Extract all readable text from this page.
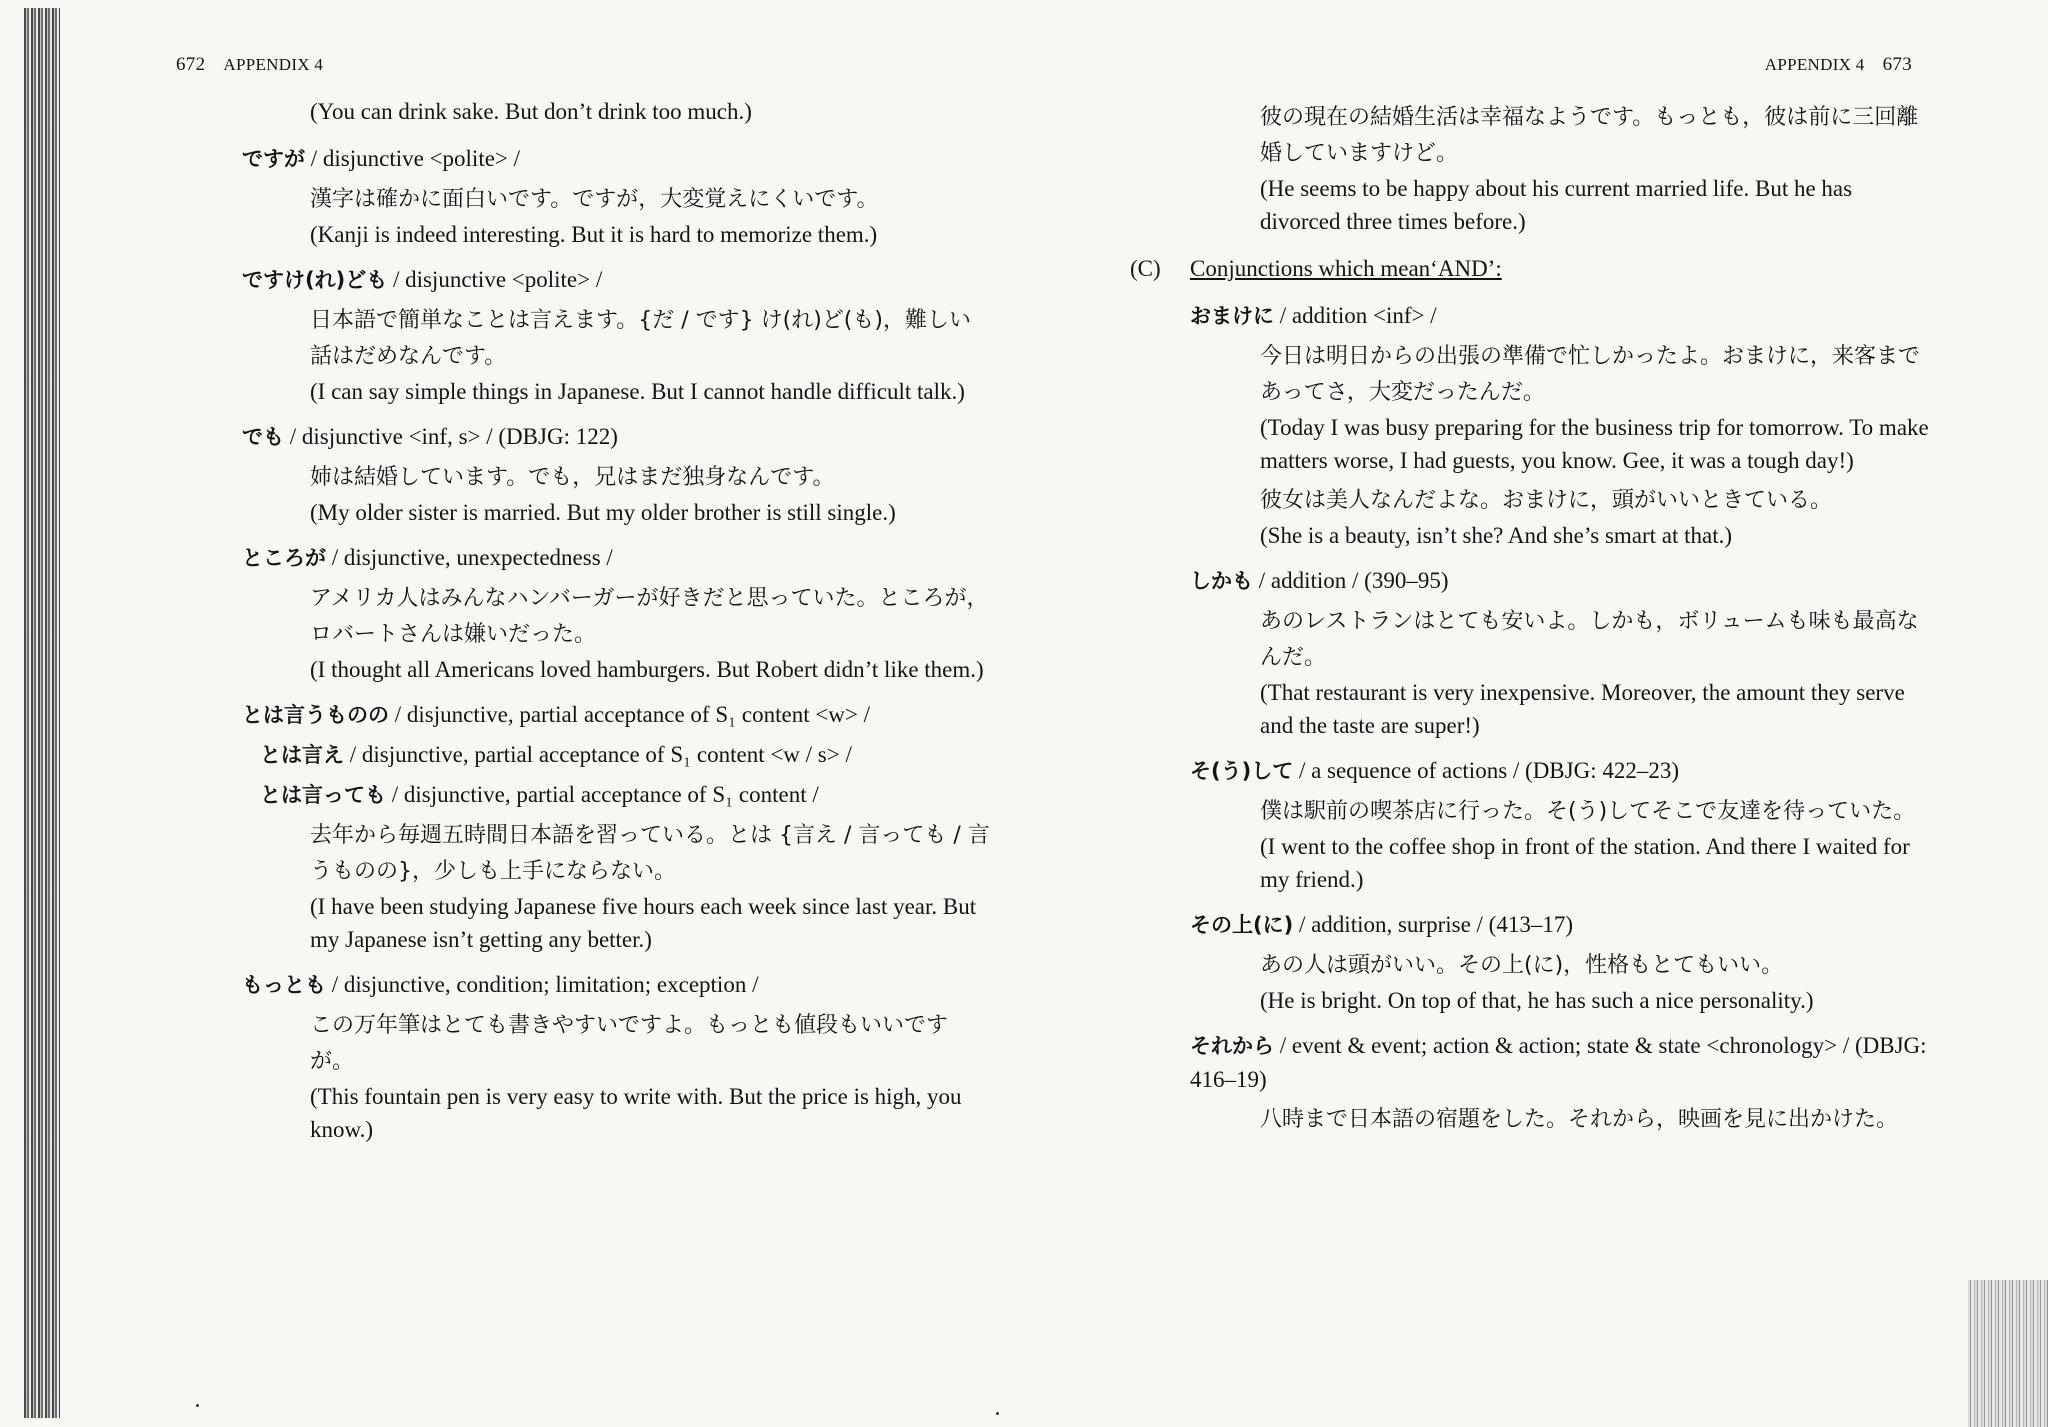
672 APPENDIX 4
(You can drink sake. But don’t drink too much.)
ですが / disjunctive <polite> /
漢字は確かに面白いです。ですが，大変覚えにくいです。
(Kanji is indeed interesting. But it is hard to memorize them.)
ですけ(れ)ども / disjunctive <polite> /
日本語で簡単なことは言えます。{だ / です} け(れ)ど(も)，難しい話はだめなんです。
(I can say simple things in Japanese. But I cannot handle difficult talk.)
でも / disjunctive <inf, s> / (DBJG: 122)
姉は結婚しています。でも，兄はまだ独身なんです。
(My older sister is married. But my older brother is still single.)
ところが / disjunctive, unexpectedness /
アメリカ人はみんなハンバーガーが好きだと思っていた。ところが，ロバートさんは嫌いだった。
(I thought all Americans loved hamburgers. But Robert didn’t like them.)
とは言うものの / disjunctive, partial acceptance of S₁ content <w> /
とは言え / disjunctive, partial acceptance of S₁ content <w / s> /
とは言っても / disjunctive, partial acceptance of S₁ content /
去年から毎週五時間日本語を習っている。とは {言え / 言っても / 言うものの}，少しも上手にならない。
(I have been studying Japanese five hours each week since last year. But my Japanese isn’t getting any better.)
もっとも / disjunctive, condition; limitation; exception /
この万年筆はとても書きやすいですよ。もっとも値段もいいですが。
(This fountain pen is very easy to write with. But the price is high, you know.)
APPENDIX 4 673
彼の現在の結婚生活は幸福なようです。もっとも，彼は前に三回離婚していますけど。
(He seems to be happy about his current married life. But he has divorced three times before.)
(C) Conjunctions which mean‘AND’:
おまけに / addition <inf> /
今日は明日からの出張の準備で忙しかったよ。おまけに，来客まであってさ，大変だったんだ。
(Today I was busy preparing for the business trip for tomorrow. To make matters worse, I had guests, you know. Gee, it was a tough day!)
彼女は美人なんだよな。おまけに，頭がいいときている。
(She is a beauty, isn’t she? And she’s smart at that.)
しかも / addition / (390–95)
あのレストランはとても安いよ。しかも，ボリュームも味も最高なんだ。
(That restaurant is very inexpensive. Moreover, the amount they serve and the taste are super!)
そ(う)して / a sequence of actions / (DBJG: 422–23)
僕は駅前の喫茶店に行った。そ(う)してそこで友達を待っていた。
(I went to the coffee shop in front of the station. And there I waited for my friend.)
その上(に) / addition, surprise / (413–17)
あの人は頭がいい。その上(に)，性格もとてもいい。
(He is bright. On top of that, he has such a nice personality.)
それから / event & event; action & action; state & state <chronology> / (DBJG: 416–19)
八時まで日本語の宿題をした。それから，映画を見に出かけた。
